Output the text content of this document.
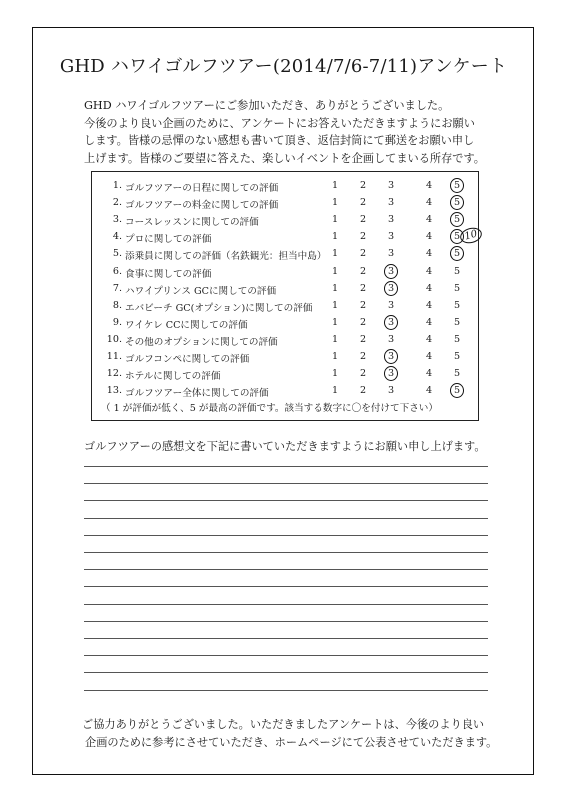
GHD ハワイゴルフツアー(2014/7/6-7/11)アンケート
GHD ハワイゴルフツアーにご参加いただき、ありがとうございました。
今後のより良い企画のために、アンケートにお答えいただきますようにお願い
します。皆様の忌憚のない感想も書いて頂き、返信封筒にて郵送をお願い申し
上げます。皆様のご要望に答えた、楽しいイベントを企画してまいる所存です。
1. ゴルフツアーの日程に関しての評価	1 2 3	4 5
2. ゴルフツアーの料金に関しての評価	1 2 3	4 5
3. コースレッスンに関しての評価	1 2 3	4 5
4. プロに関しての評価	1 2 3	4 5
5. 添乗員に関しての評価（名鉄観光：担当中島） 1 2 3	4 5
6. 食事に関しての評価	1 2 3	4 5
7. ハワイプリンス GCに関しての評価	1 2 3	4 5
8. エバビーチ GC(オプション)に関しての評価 1 2 3	4 5
9. ワイケレ CCに関しての評価	1 2 3	4 5
10. その他のオプションに関しての評価	1 2 3	4 5
11. ゴルフコンペに関しての評価	1 2 3	4 5
12. ホテルに関しての評価	1 2 3	4 5
13. ゴルフツアー全体に関しての評価	1 2 3	4 5
10
（ 1 が評価が低く、5 が最高の評価です。該当する数字に〇を付けて下さい）
ゴルフツアーの感想文を下記に書いていただきますようにお願い申し上げます。
ご協力ありがとうございました。いただきましたアンケートは、今後のより良い
企画のために参考にさせていただき、ホームページにて公表させていただきます。
